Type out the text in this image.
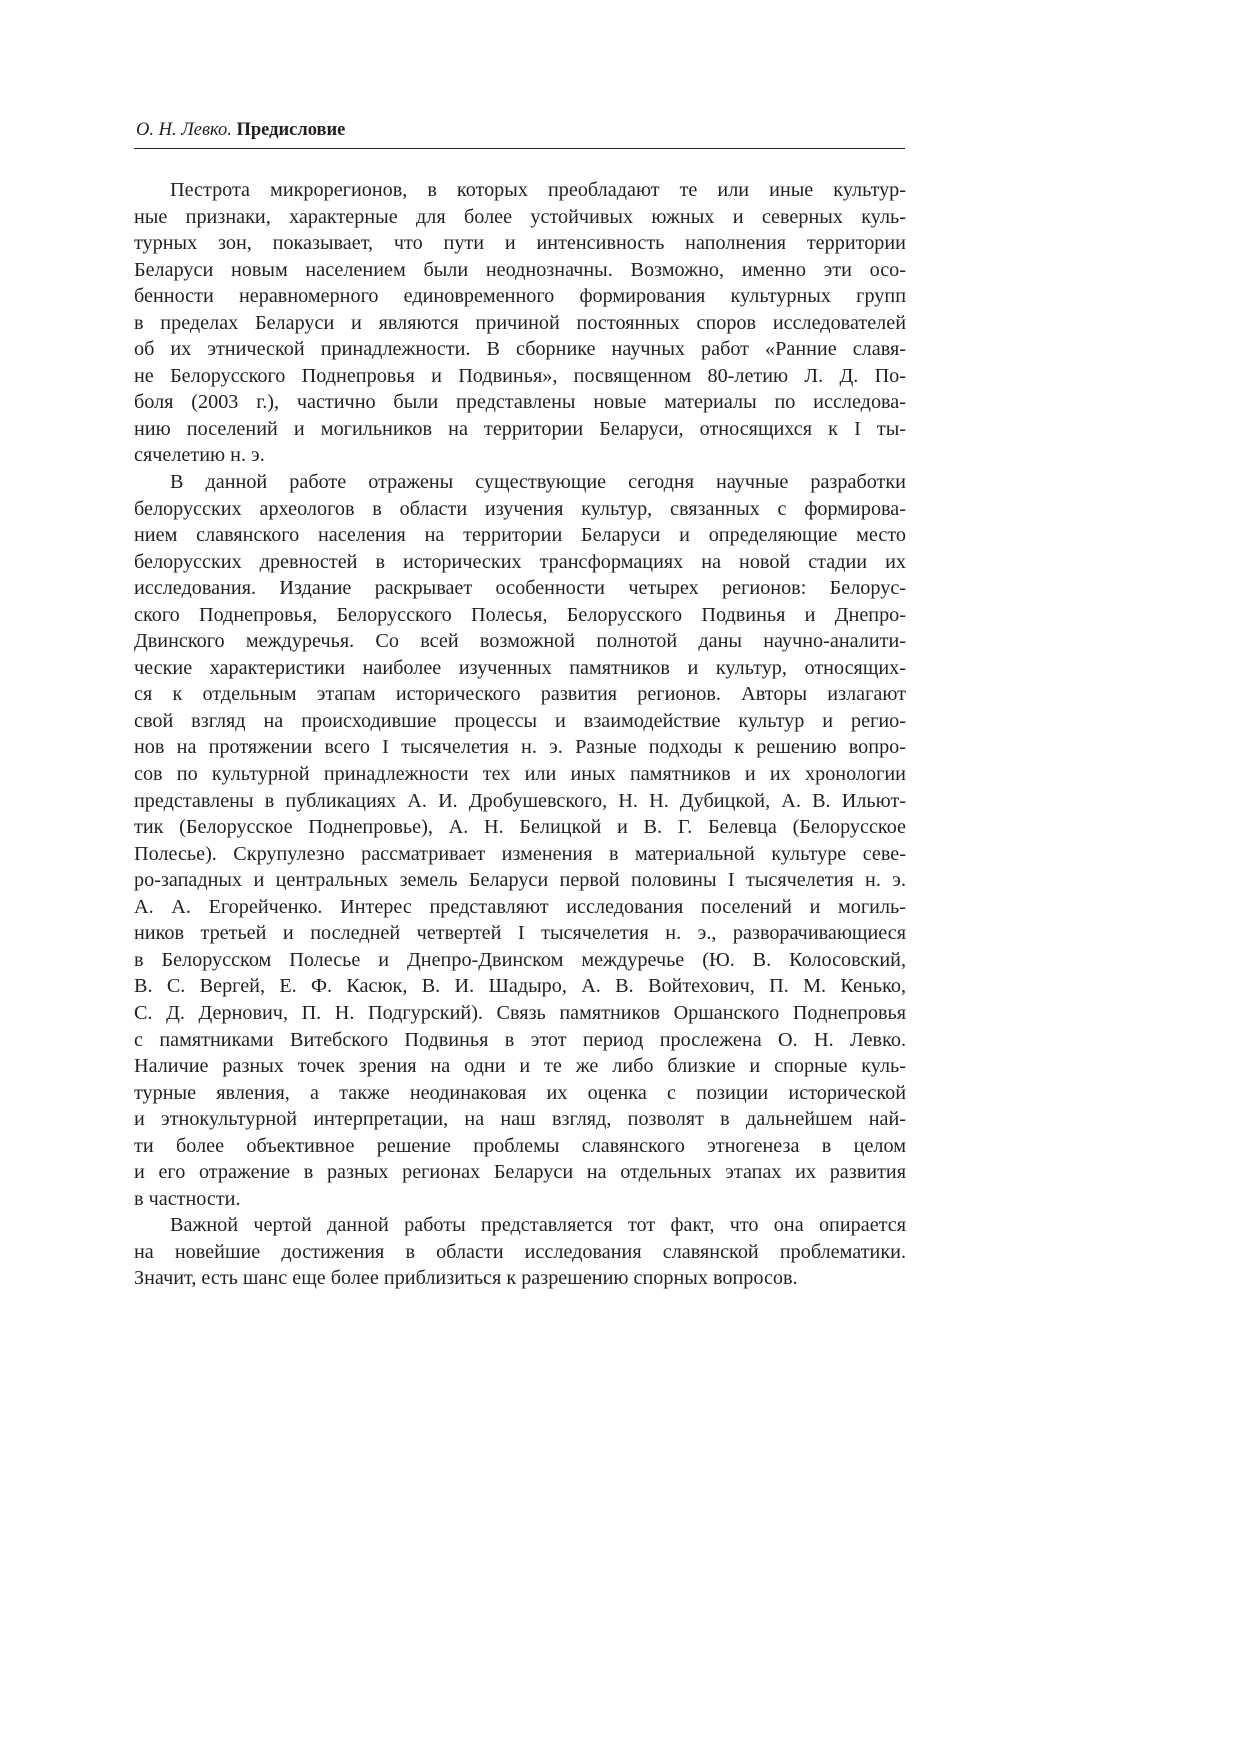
О. Н. Левко. Предисловие
Пестрота микрорегионов, в которых преобладают те или иные культур-
ные признаки, характерные для более устойчивых южных и северных куль-
турных зон, показывает, что пути и интенсивность наполнения территории
Беларуси новым населением были неоднозначны. Возможно, именно эти осо-
бенности неравномерного единовременного формирования культурных групп
в пределах Беларуси и являются причиной постоянных споров исследователей
об их этнической принадлежности. В сборнике научных работ «Ранние славя-
не Белорусского Поднепровья и Подвинья», посвященном 80-летию Л. Д. По-
боля (2003 г.), частично были представлены новые материалы по исследова-
нию поселений и могильников на территории Беларуси, относящихся к I ты-
сячелетию н. э.
В данной работе отражены существующие сегодня научные разработки
белорусских археологов в области изучения культур, связанных с формирова-
нием славянского населения на территории Беларуси и определяющие место
белорусских древностей в исторических трансформациях на новой стадии их
исследования. Издание раскрывает особенности четырех регионов: Белорус-
ского Поднепровья, Белорусского Полесья, Белорусского Подвинья и Днепро-
Двинского междуречья. Со всей возможной полнотой даны научно-аналити-
ческие характеристики наиболее изученных памятников и культур, относящих-
ся к отдельным этапам исторического развития регионов. Авторы излагают
свой взгляд на происходившие процессы и взаимодействие культур и регио-
нов на протяжении всего I тысячелетия н. э. Разные подходы к решению вопро-
сов по культурной принадлежности тех или иных памятников и их хронологии
представлены в публикациях А. И. Дробушевского, Н. Н. Дубицкой, А. В. Ильют-
тик (Белорусское Поднепровье), А. Н. Белицкой и В. Г. Белевца (Белорусское
Полесье). Скрупулезно рассматривает изменения в материальной культуре севе-
ро-западных и центральных земель Беларуси первой половины I тысячелетия н. э.
А. А. Егорейченко. Интерес представляют исследования поселений и могиль-
ников третьей и последней четвертей I тысячелетия н. э., разворачивающиеся
в Белорусском Полесье и Днепро-Двинском междуречье (Ю. В. Колосовский,
В. С. Вергей, Е. Ф. Касюк, В. И. Шадыро, А. В. Войтехович, П. М. Кенько,
С. Д. Дернович, П. Н. Подгурский). Связь памятников Оршанского Поднепровья
с памятниками Витебского Подвинья в этот период прослежена О. Н. Левко.
Наличие разных точек зрения на одни и те же либо близкие и спорные куль-
турные явления, а также неодинаковая их оценка с позиции исторической
и этнокультурной интерпретации, на наш взгляд, позволят в дальнейшем най-
ти более объективное решение проблемы славянского этногенеза в целом
и его отражение в разных регионах Беларуси на отдельных этапах их развития
в частности.
Важной чертой данной работы представляется тот факт, что она опирается
на новейшие достижения в области исследования славянской проблематики.
Значит, есть шанс еще более приблизиться к разрешению спорных вопросов.
